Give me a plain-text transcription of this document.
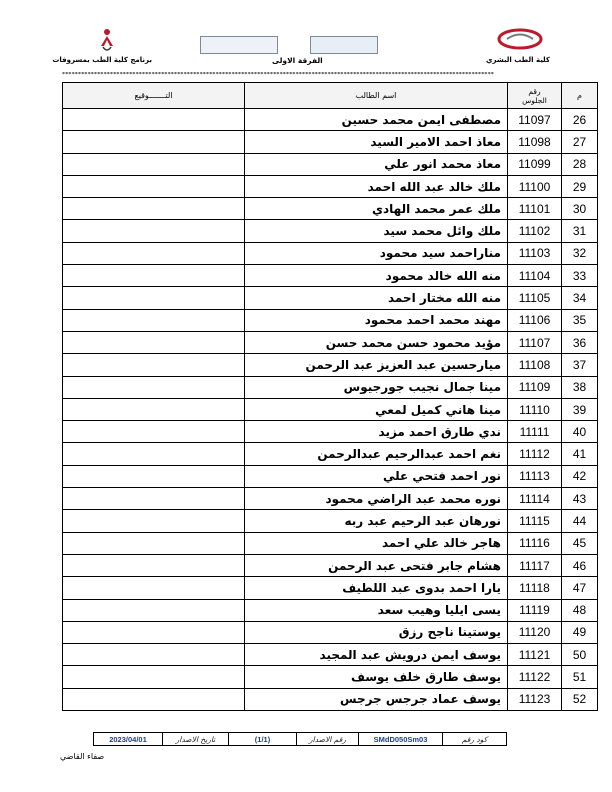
برنامج كلية الطب بمسروفات	الفرقة الاولى	كلية الطب البشري
***************************************************************************************************************************************
التـــــــوقيع	اسم الطالب	رقم
الجلوس	م
	مصطفى ايمن محمد حسين	11097	26
	معاذ احمد الامير السيد	11098	27
	معاذ محمد انور علي	11099	28
	ملك خالد عبد الله احمد	11100	29
	ملك عمر محمد الهادي	11101	30
	ملك وائل محمد سيد	11102	31
	مناراحمد سيد محمود	11103	32
	منه الله خالد محمود	11104	33
	منه الله مختار احمد	11105	34
	مهند محمد احمد محمود	11106	35
	مؤيد محمود حسن محمد حسن	11107	36
	ميارحسين عبد العزيز عبد الرحمن	11108	37
	مينا جمال نجيب جورجيوس	11109	38
	مينا هاني كميل لمعي	11110	39
	ندي طارق احمد مزيد	11111	40
	نغم احمد عبدالرحيم عبدالرحمن	11112	41
	نور احمد فتحي علي	11113	42
	نوره محمد عبد الراضي محمود	11114	43
	نورهان عبد الرحيم عبد ربه	11115	44
	هاجر خالد علي احمد	11116	45
	هشام جابر فتحى عبد الرحمن	11117	46
	يارا احمد بدوى عبد اللطيف	11118	47
	يسى ايليا وهيب سعد	11119	48
	يوستينا ناجح رزق	11120	49
	يوسف ايمن درويش عبد المجيد	11121	50
	يوسف طارق خلف يوسف	11122	51
	يوسف عماد جرجس جرجس	11123	52
2023/04/01	تاريخ الاصدار	(1/1)	رقم الاصدار	SMdD050Sm03	كود رقم
صفاء القاضي
